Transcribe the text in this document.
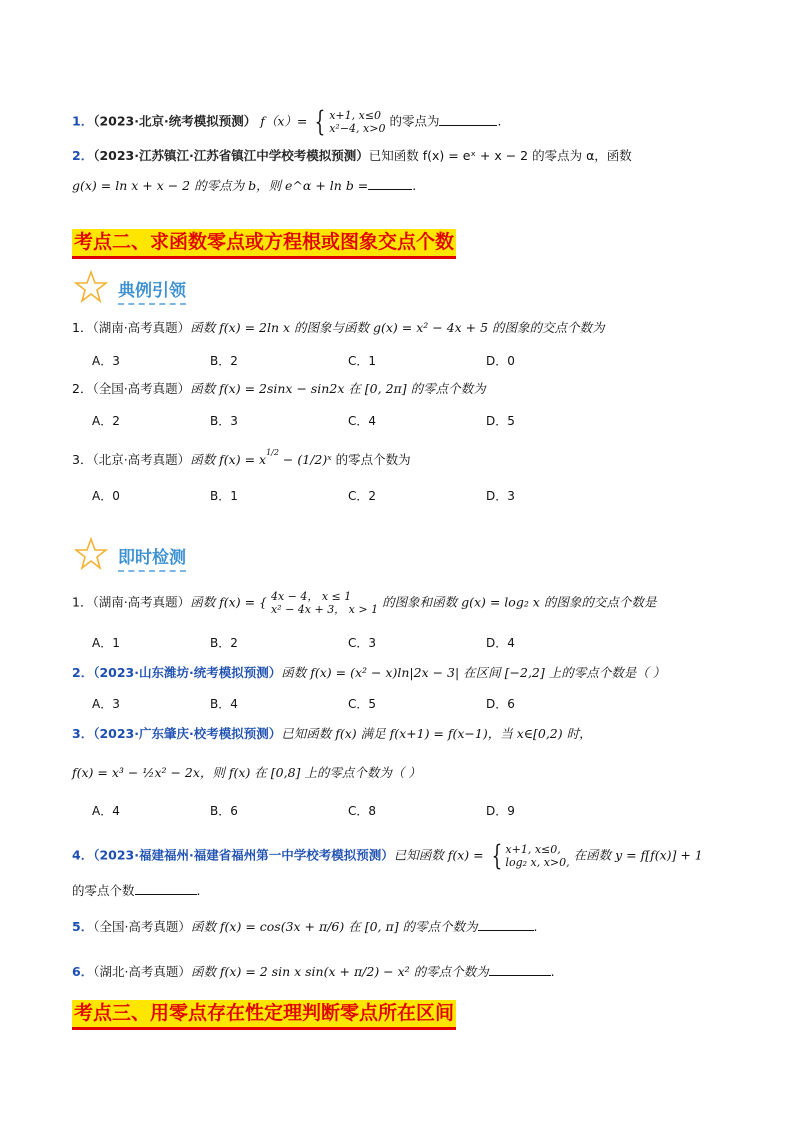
1．（2023·北京·统考模拟预测） f（x）= { x+1, x≤0
x²−4, x>0 的零点为	.
2．（2023·江苏镇江·江苏省镇江中学校考模拟预测）已知函数 f(x) = eˣ + x − 2 的零点为 α，函数
g(x) = ln x + x − 2 的零点为 b，则 e^α + ln b =	.
考点二、求函数零点或方程根或图象交点个数
典例引领
1．（湖南·高考真题）函数 f(x) = 2ln x 的图象与函数 g(x) = x² − 4x + 5 的图象的交点个数为
A．3	B．2	C．1	D．0
2．（全国·高考真题）函数 f(x) = 2sinx − sin2x 在 [0, 2π] 的零点个数为
A．2	B．3	C．4	D．5
3．（北京·高考真题）函数 $f(x) = x^{1/2}$ − (1/2)ˣ 的零点个数为
A．0	B．1	C．2	D．3
即时检测
1．（湖南·高考真题）函数 f(x) = { 4x − 4， x ≤ 1
x² − 4x + 3， x > 1 的图象和函数 g(x) = log₂ x 的图象的交点个数是
A．1	B．2	C．3	D．4
2．（2023·山东潍坊·统考模拟预测）函数 f(x) = (x² − x)ln|2x − 3| 在区间 [−2,2] 上的零点个数是（ ）
A．3	B．4	C．5	D．6
3．（2023·广东肇庆·校考模拟预测）已知函数 f(x) 满足 f(x+1) = f(x−1)，当 x∈[0,2) 时，
f(x) = x³ − ½x² − 2x，则 f(x) 在 [0,8] 上的零点个数为（ ）
A．4	B．6	C．8	D．9
4．（2023·福建福州·福建省福州第一中学校考模拟预测）已知函数 f(x) = { x+1, x≤0,
log₂ x, x>0, 在函数 y = f[f(x)] + 1
的零点个数	.
5．（全国·高考真题）函数 f(x) = cos(3x + π/6) 在 [0, π] 的零点个数为	.
6．（湖北·高考真题）函数 f(x) = 2 sin x sin(x + π/2) − x² 的零点个数为	.
考点三、用零点存在性定理判断零点所在区间
